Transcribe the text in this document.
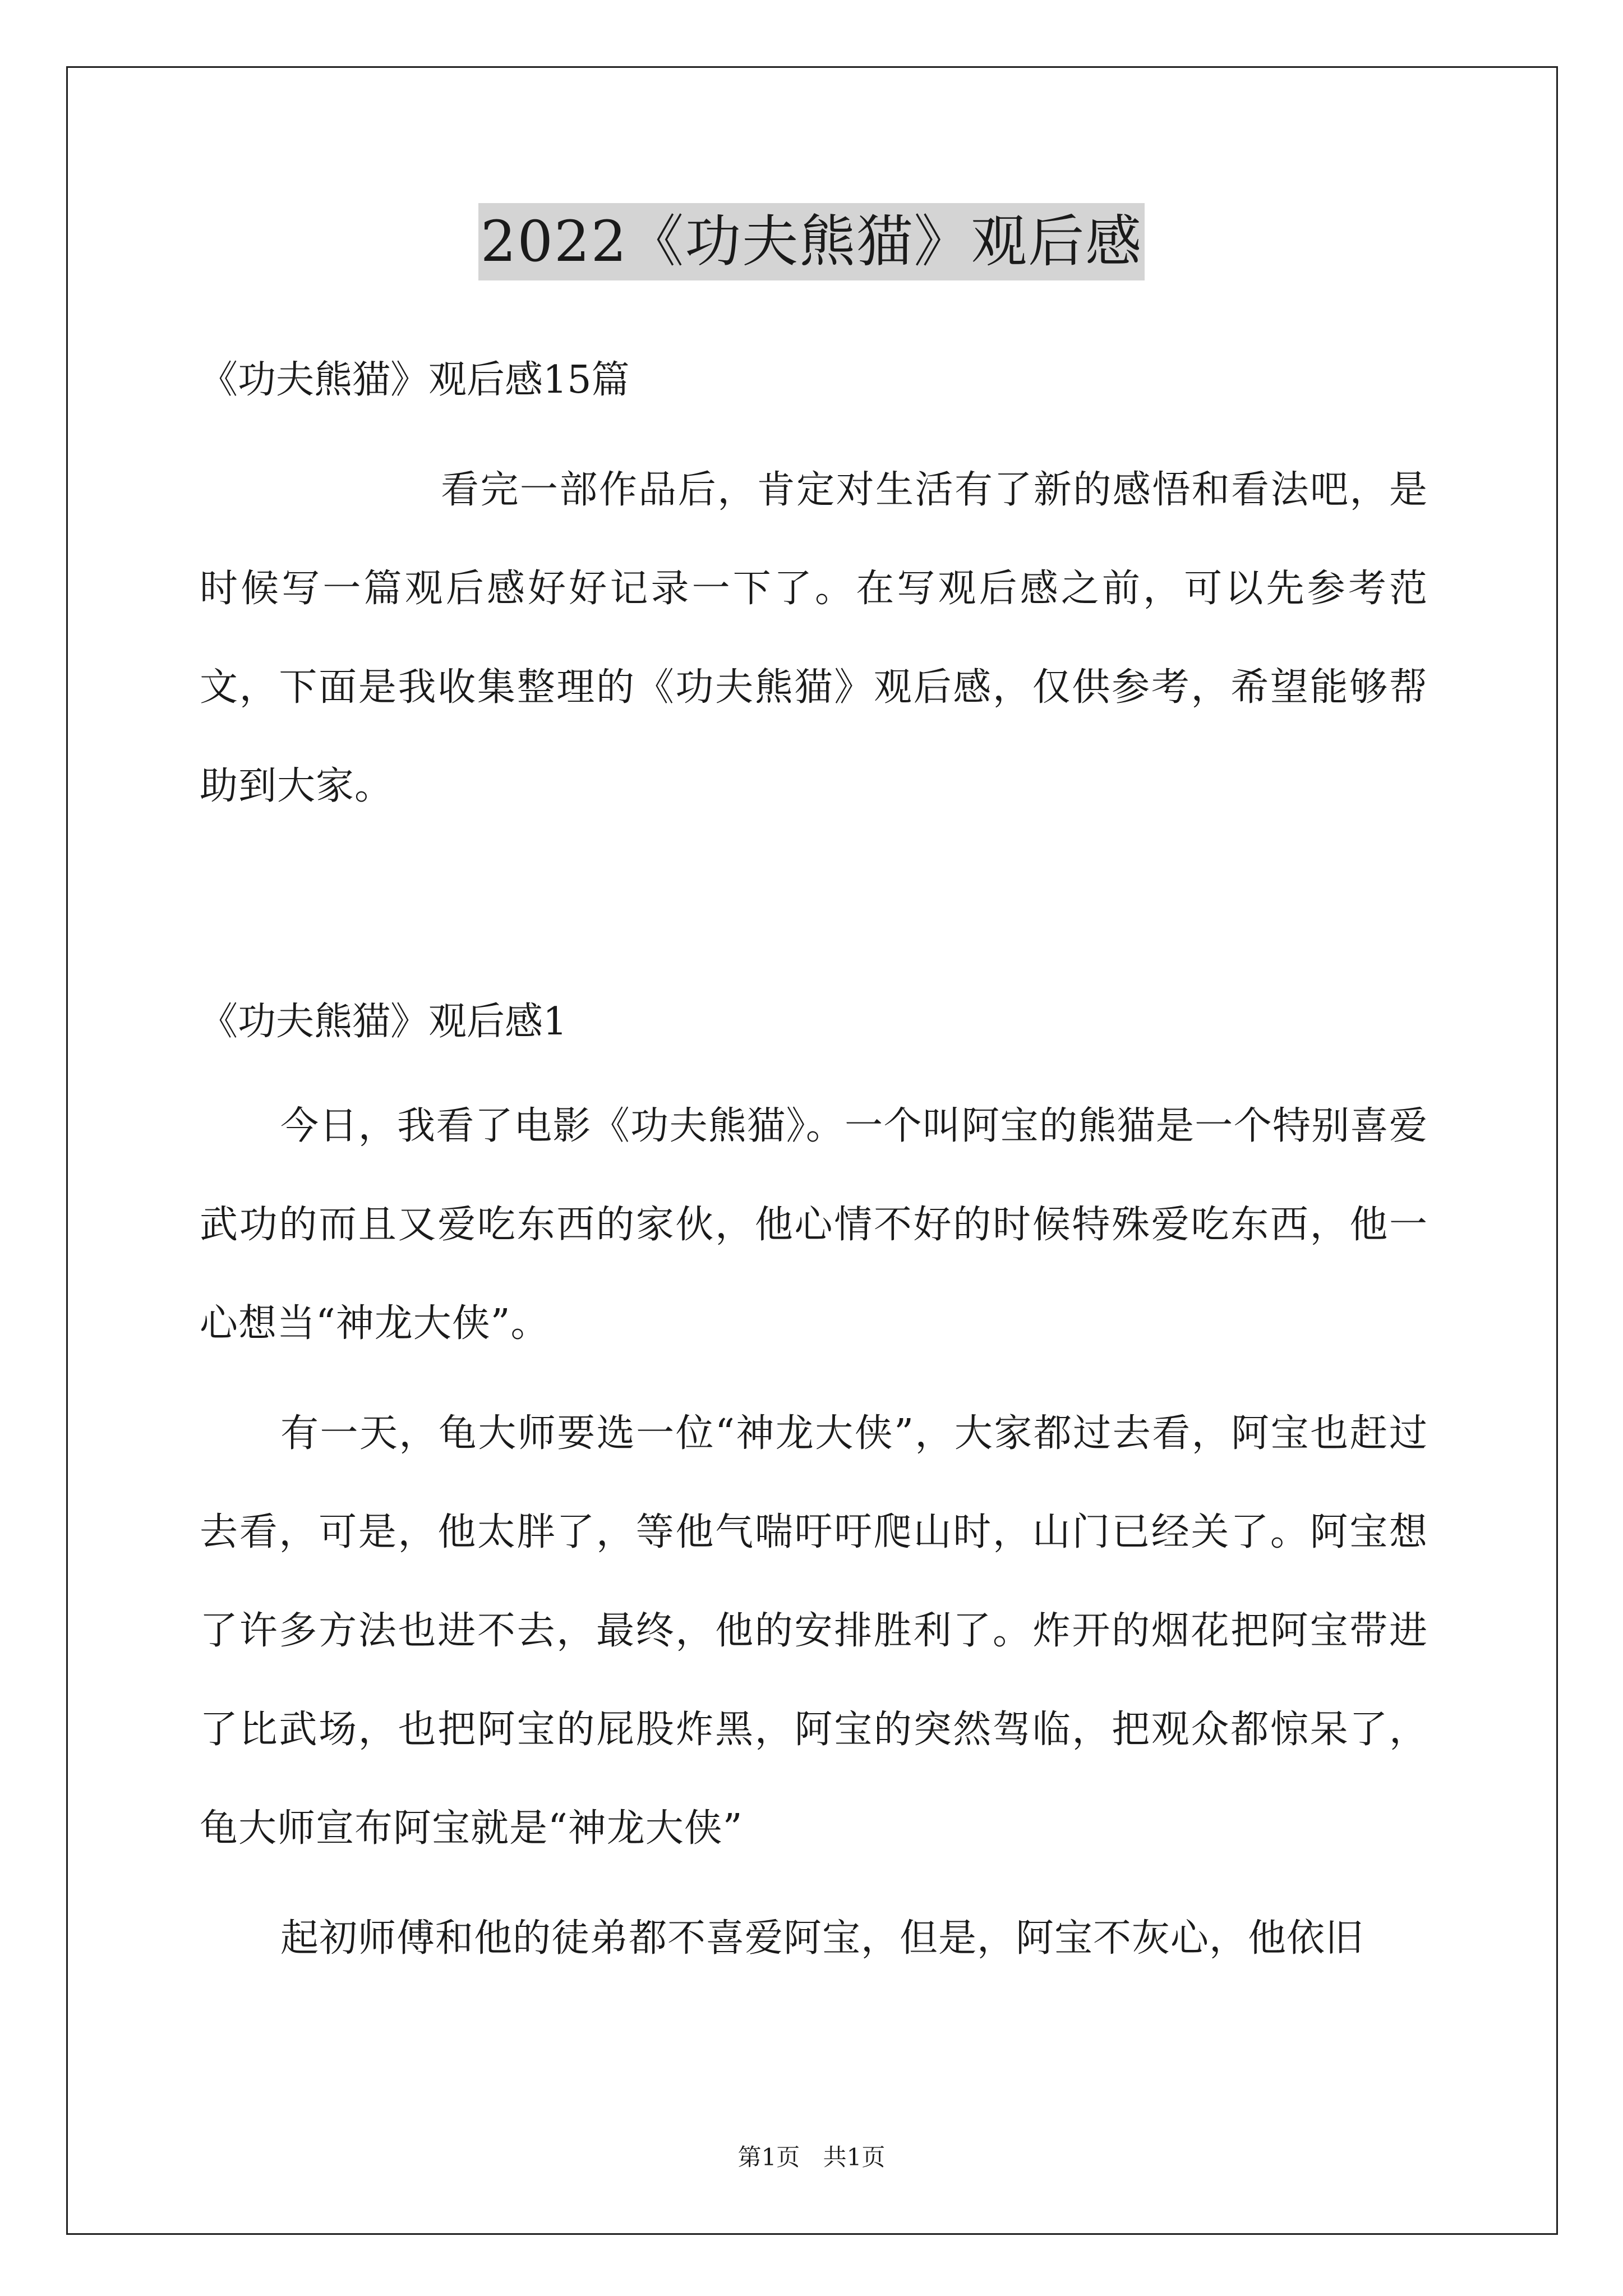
2022《功夫熊猫》观后感
《功夫熊猫》观后感15篇
看完一部作品后，肯定对生活有了新的感悟和看法吧，是时候写一篇观后感好好记录一下了。在写观后感之前，可以先参考范文，下面是我收集整理的《功夫熊猫》观后感，仅供参考，希望能够帮助到大家。
《功夫熊猫》观后感1

今日，我看了电影《功夫熊猫》。一个叫阿宝的熊猫是一个特别喜爱武功的而且又爱吃东西的家伙，他心情不好的时候特殊爱吃东西，他一心想当“神龙大侠”。

有一天，龟大师要选一位“神龙大侠”，大家都过去看，阿宝也赶过去看，可是，他太胖了，等他气喘吁吁爬山时，山门已经关了。阿宝想了许多方法也进不去，最终，他的安排胜利了。炸开的烟花把阿宝带进了比武场，也把阿宝的屁股炸黑，阿宝的突然驾临，把观众都惊呆了，龟大师宣布阿宝就是“神龙大侠”

起初师傅和他的徒弟都不喜爱阿宝，但是，阿宝不灰心，他依旧

第1页 共1页
